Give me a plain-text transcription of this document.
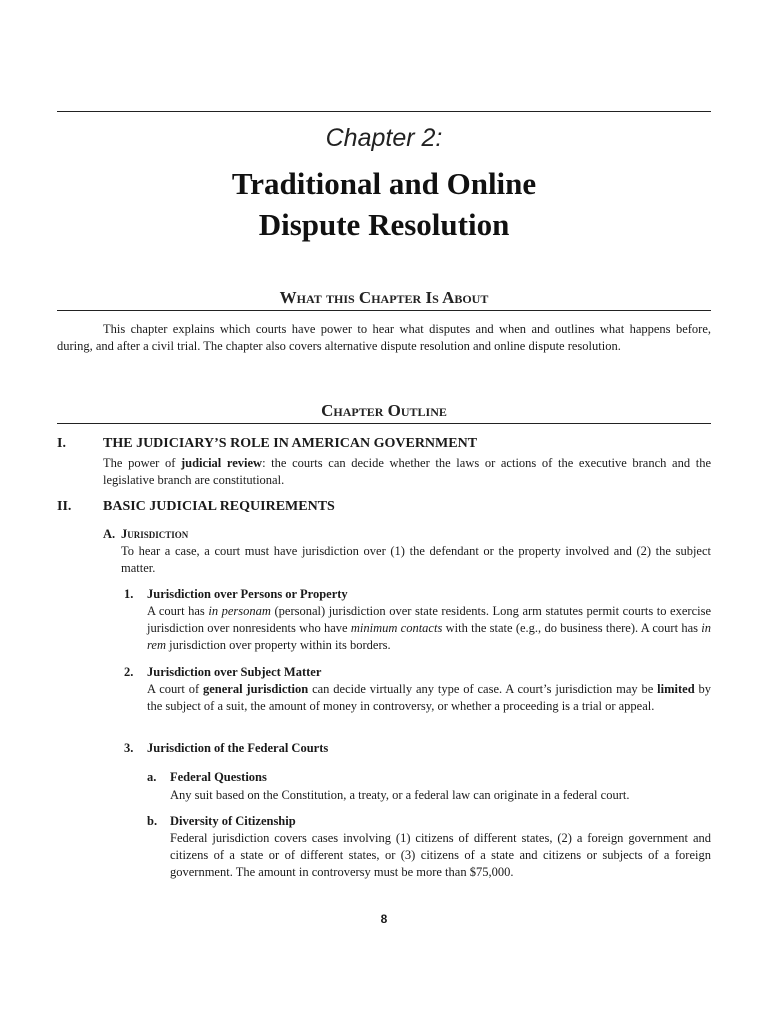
Chapter 2:
Traditional and Online
Dispute Resolution
What this Chapter Is About
This chapter explains which courts have power to hear what disputes and when and outlines what happens before, during, and after a civil trial. The chapter also covers alternative dispute resolution and online dispute resolution.
Chapter Outline
I.	THE JUDICIARY’S ROLE IN AMERICAN GOVERNMENT
The power of judicial review: the courts can decide whether the laws or actions of the executive branch and the legislative branch are constitutional.
II. BASIC JUDICIAL REQUIREMENTS
A. Jurisdiction
To hear a case, a court must have jurisdiction over (1) the defendant or the property involved and (2) the subject matter.
1. Jurisdiction over Persons or Property
A court has in personam (personal) jurisdiction over state residents. Long arm statutes permit courts to exercise jurisdiction over nonresidents who have minimum contacts with the state (e.g., do business there). A court has in rem jurisdiction over property within its borders.
2. Jurisdiction over Subject Matter
A court of general jurisdiction can decide virtually any type of case. A court’s jurisdiction may be limited by the subject of a suit, the amount of money in controversy, or whether a proceeding is a trial or appeal.
3. Jurisdiction of the Federal Courts
a. Federal Questions
Any suit based on the Constitution, a treaty, or a federal law can originate in a federal court.
b. Diversity of Citizenship
Federal jurisdiction covers cases involving (1) citizens of different states, (2) a foreign government and citizens of a state or of different states, or (3) citizens of a state and citizens or subjects of a foreign government. The amount in controversy must be more than $75,000.
8
